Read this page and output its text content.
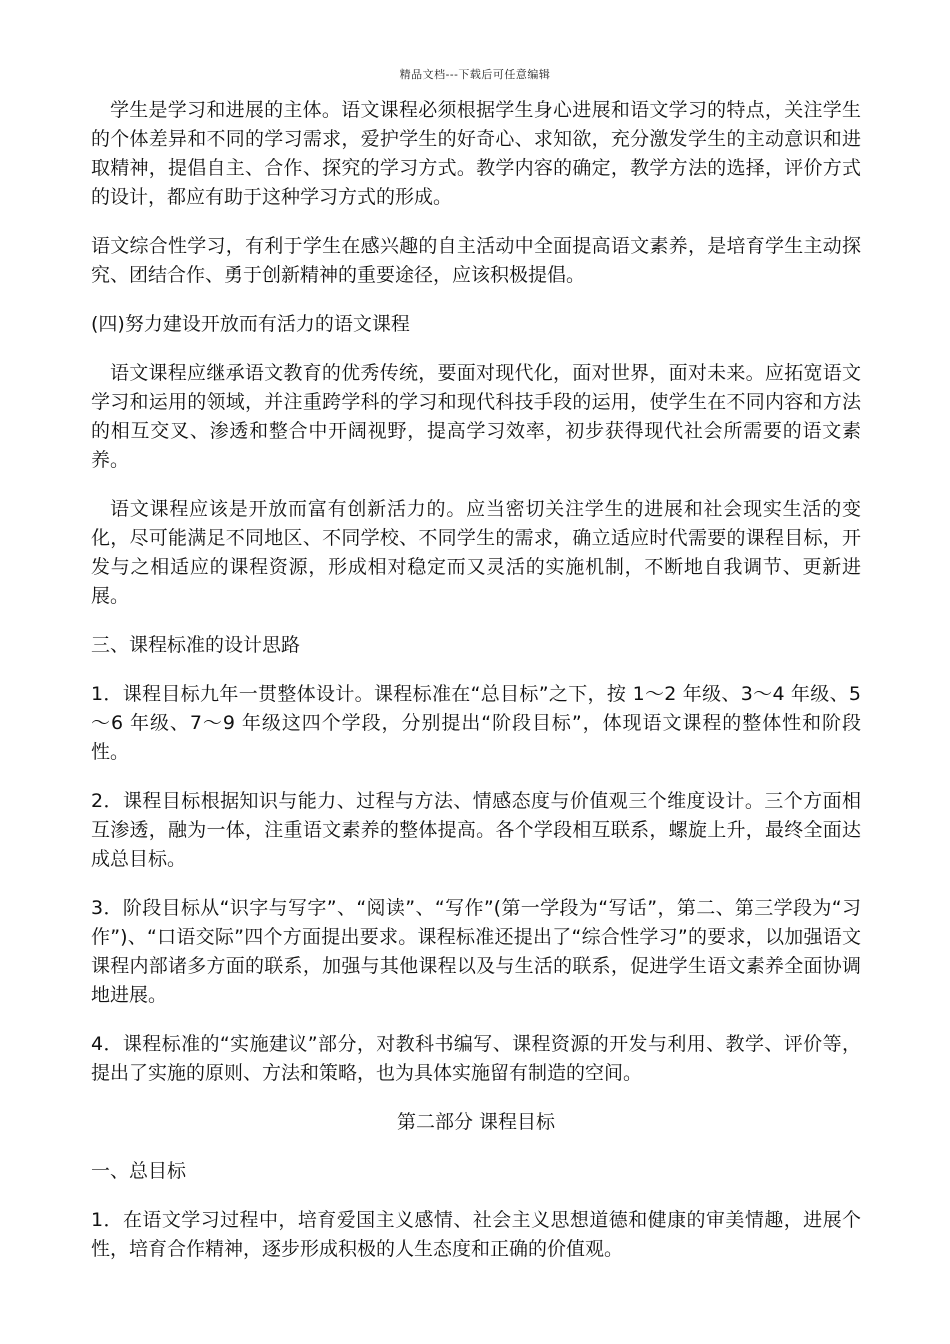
精品文档---下载后可任意编辑

学生是学习和进展的主体。语文课程必须根据学生身心进展和语文学习的特点，关注学生的个体差异和不同的学习需求，爱护学生的好奇心、求知欲，充分激发学生的主动意识和进取精神，提倡自主、合作、探究的学习方式。教学内容的确定，教学方法的选择，评价方式的设计，都应有助于这种学习方式的形成。

语文综合性学习，有利于学生在感兴趣的自主活动中全面提高语文素养，是培育学生主动探究、团结合作、勇于创新精神的重要途径，应该积极提倡。

(四)努力建设开放而有活力的语文课程

语文课程应继承语文教育的优秀传统，要面对现代化，面对世界，面对未来。应拓宽语文学习和运用的领域，并注重跨学科的学习和现代科技手段的运用，使学生在不同内容和方法的相互交叉、渗透和整合中开阔视野，提高学习效率，初步获得现代社会所需要的语文素养。

语文课程应该是开放而富有创新活力的。应当密切关注学生的进展和社会现实生活的变化，尽可能满足不同地区、不同学校、不同学生的需求，确立适应时代需要的课程目标，开发与之相适应的课程资源，形成相对稳定而又灵活的实施机制，不断地自我调节、更新进展。

三、课程标准的设计思路

1．课程目标九年一贯整体设计。课程标准在“总目标”之下，按 1～2 年级、3～4 年级、5～6 年级、7～9 年级这四个学段，分别提出“阶段目标”，体现语文课程的整体性和阶段性。

2．课程目标根据知识与能力、过程与方法、情感态度与价值观三个维度设计。三个方面相互渗透，融为一体，注重语文素养的整体提高。各个学段相互联系，螺旋上升，最终全面达成总目标。

3．阶段目标从“识字与写字”、“阅读”、“写作”(第一学段为“写话”，第二、第三学段为“习作”)、“口语交际”四个方面提出要求。课程标准还提出了“综合性学习”的要求，以加强语文课程内部诸多方面的联系，加强与其他课程以及与生活的联系，促进学生语文素养全面协调地进展。

4．课程标准的“实施建议”部分，对教科书编写、课程资源的开发与利用、教学、评价等，提出了实施的原则、方法和策略，也为具体实施留有制造的空间。

第二部分 课程目标
一、总目标

1．在语文学习过程中，培育爱国主义感情、社会主义思想道德和健康的审美情趣，进展个性，培育合作精神，逐步形成积极的人生态度和正确的价值观。
